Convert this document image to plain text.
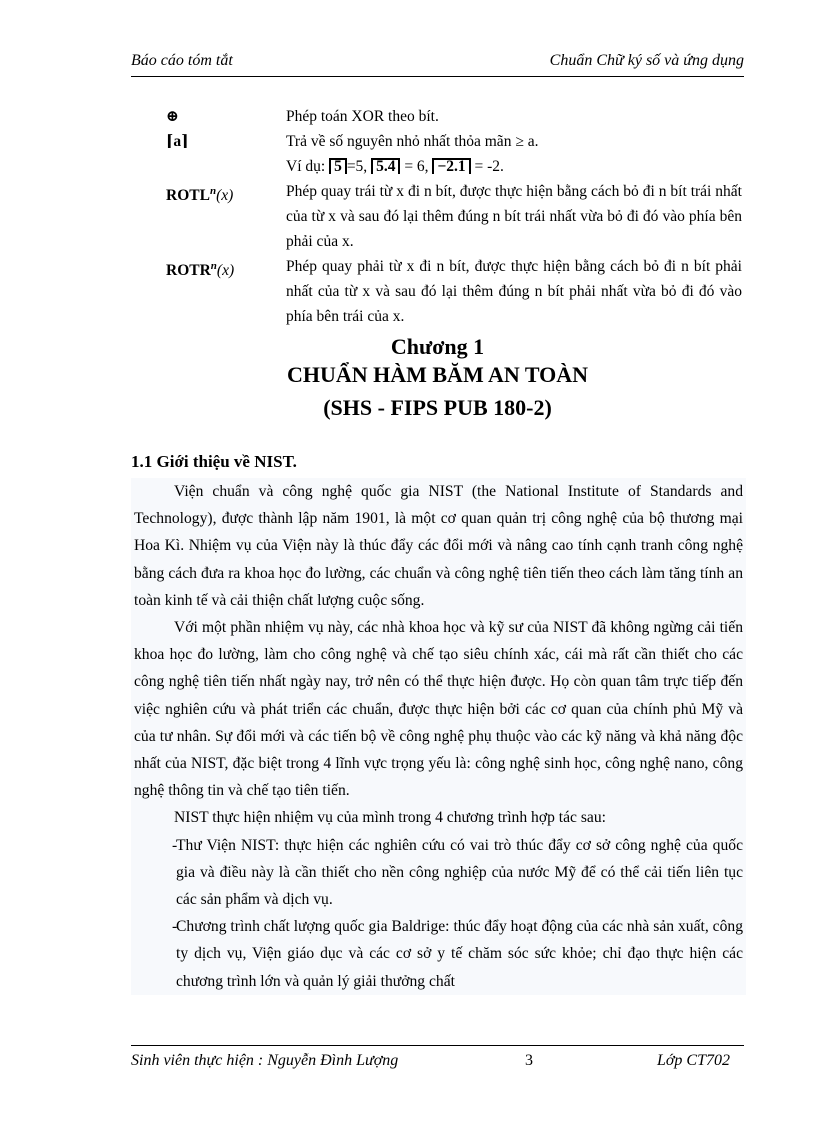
Báo cáo tóm tắt	Chuẩn Chữ ký số và ứng dụng
⊕	Phép toán XOR theo bít.
⌈a⌉	Trả về số nguyên nhỏ nhất thỏa mãn ≥ a.
Ví dụ: 5 =5, 5.4 = 6, −2.1 = -2.
ROTL$^n$(x)	Phép quay trái từ x đi n bít, được thực hiện bằng cách bỏ đi n bít trái nhất của từ x và sau đó lại thêm đúng n bít trái nhất vừa bỏ đi đó vào phía bên phải của x.
ROTR$^n$(x)	Phép quay phải từ x đi n bít, được thực hiện bằng cách bỏ đi n bít phải nhất của từ x và sau đó lại thêm đúng n bít phải nhất vừa bỏ đi đó vào phía bên trái của x.
Chương 1
CHUẨN HÀM BĂM AN TOÀN
(SHS - FIPS PUB 180-2)
1.1 Giới thiệu về NIST.

Viện chuẩn và công nghệ quốc gia NIST (the National Institute of Standards and Technology), được thành lập năm 1901, là một cơ quan quản trị công nghệ của bộ thương mại Hoa Kì. Nhiệm vụ của Viện này là thúc đẩy các đổi mới và nâng cao tính cạnh tranh công nghệ bằng cách đưa ra khoa học đo lường, các chuẩn và công nghệ tiên tiến theo cách làm tăng tính an toàn kinh tế và cải thiện chất lượng cuộc sống.

Với một phần nhiệm vụ này, các nhà khoa học và kỹ sư của NIST đã không ngừng cải tiến khoa học đo lường, làm cho công nghệ và chế tạo siêu chính xác, cái mà rất cần thiết cho các công nghệ tiên tiến nhất ngày nay, trở nên có thể thực hiện được. Họ còn quan tâm trực tiếp đến việc nghiên cứu và phát triển các chuẩn, được thực hiện bởi các cơ quan của chính phủ Mỹ và của tư nhân. Sự đổi mới và các tiến bộ về công nghệ phụ thuộc vào các kỹ năng và khả năng độc nhất của NIST, đặc biệt trong 4 lĩnh vực trọng yếu là: công nghệ sinh học, công nghệ nano, công nghệ thông tin và chế tạo tiên tiến.

NIST thực hiện nhiệm vụ của mình trong 4 chương trình hợp tác sau:

-
Thư Viện NIST: thực hiện các nghiên cứu có vai trò thúc đẩy cơ sở công nghệ của quốc gia và điều này là cần thiết cho nền công nghiệp của nước Mỹ để có thể cải tiến liên tục các sản phẩm và dịch vụ.
-
Chương trình chất lượng quốc gia Baldrige: thúc đẩy hoạt động của các nhà sản xuất, công ty dịch vụ, Viện giáo dục và các cơ sở y tế chăm sóc sức khỏe; chỉ đạo thực hiện các chương trình lớn và quản lý giải thưởng chất
Sinh viên thực hiện : Nguyễn Đình Lượng	3	Lớp CT702
